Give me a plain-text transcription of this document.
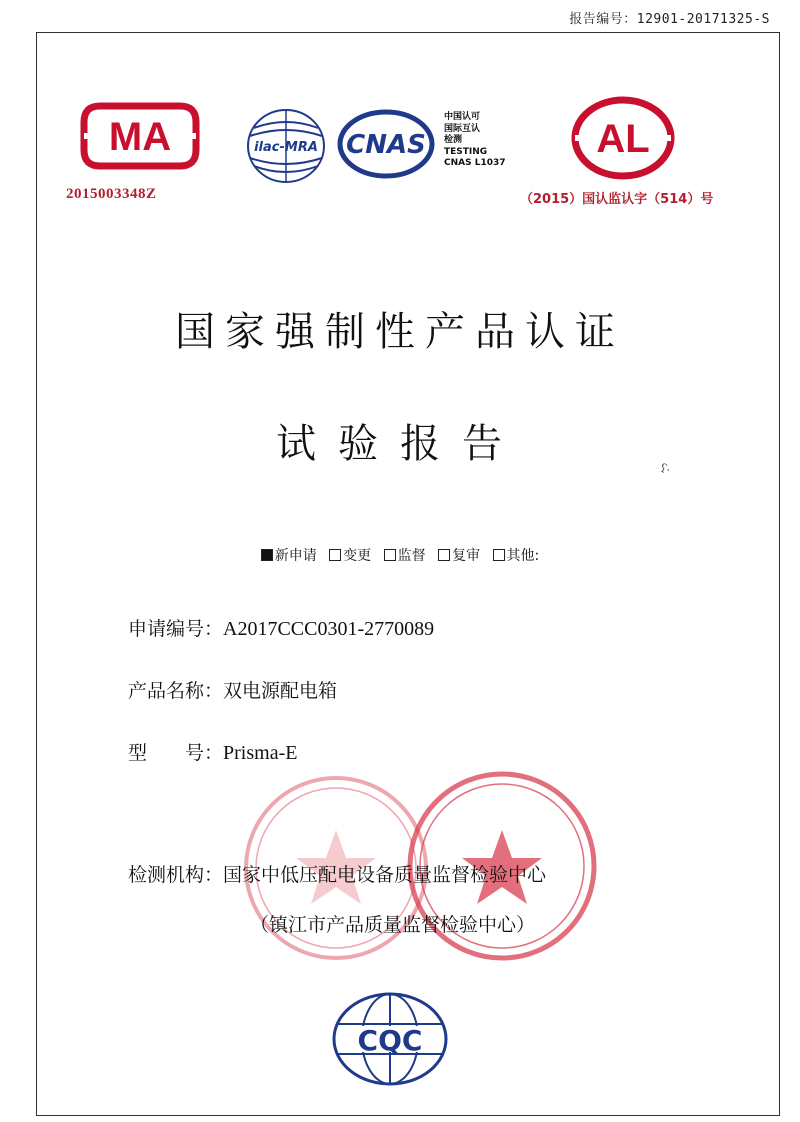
报告编号：12901-20171325-S
MA
2015003348Z
ilac-MRA CNAS
中国认可
国际互认
检测
TESTING
CNAS L1037
AL
（2015）国认监认字（514）号
国家强制性产品认证
试验报告
ʕ·
新申请 变更 监督 复审 其他:
申请编号：A2017CCC0301-2770089
产品名称：双电源配电箱
型　　号：Prisma-E
检测机构：国家中低压配电设备质量监督检验中心
（镇江市产品质量监督检验中心）
CQC
